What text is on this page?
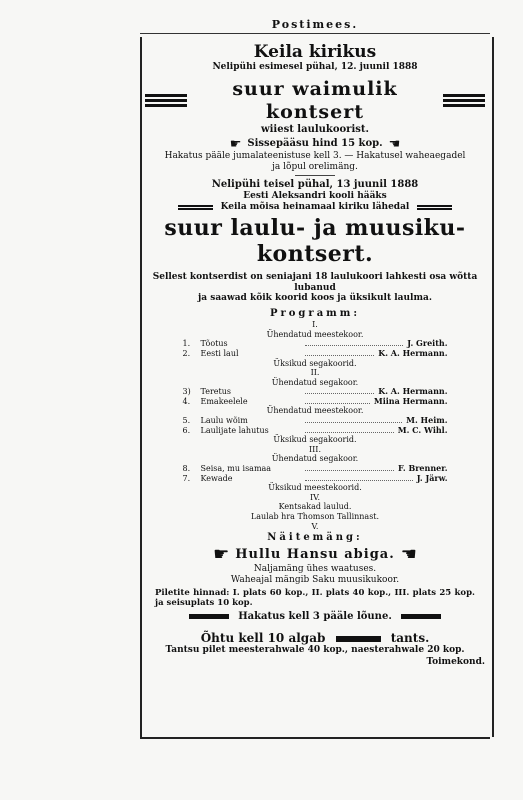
Postimees.
Keila kirikus
Nelipühi esimesel pühal, 12. juunil 1888
suur waimulik kontsert
wiiest laulukoorist.
☛ Sissepääsu hind 15 kop. ☚
Hakatus pääle jumalateenistuse kell 3. — Hakatusel waheaegadel
ja lõpul orelimäng.
Nelipühi teisel pühal, 13 juunil 1888
Eesti Aleksandri kooli hääks
Keila mõisa heinamaal kiriku lähedal
suur laulu- ja muusiku-kontsert.
Sellest kontserdist on seniajani 18 laulukoori lahkesti osa wõtta lubanud
ja saawad kõik koorid koos ja üksikult laulma.
Programm:
I.
Ühendatud meestekoor.
1.	Tõotus	J. Greith.
2.	Eesti laul	K. A. Hermann.
Üksikud segakoorid.
II.
Ühendatud segakoor.
3)	Teretus	K. A. Hermann.
4.	Emakeelele	Miina Hermann.
Ühendatud meestekoor.
5.	Laulu wõim	M. Heim.
6.	Laulijate lahutus	M. C. Wihl.
Üksikud segakoorid.
III.
Ühendatud segakoor.
8.	Seisa, mu isamaa	F. Brenner.
7.	Kewade	J. Järw.
Üksikud meestekoorid.
IV.
Kentsakad laulud.
Laulab hra Thomson Tallinnast.
V.
Näitemäng:
☛ Hullu Hansu abiga. ☚
Naljamäng ühes waatuses.
Waheajal mängib Saku muusikukoor.
Piletite hinnad: I. plats 60 kop., II. plats 40 kop., III. plats 25 kop. ja seisuplats 10 kop.
Hakatus kell 3 pääle lõune.
Õhtu kell 10 algab	tants.
Tantsu pilet meesterahwale 40 kop., naesterahwale 20 kop.
Toimekond.
